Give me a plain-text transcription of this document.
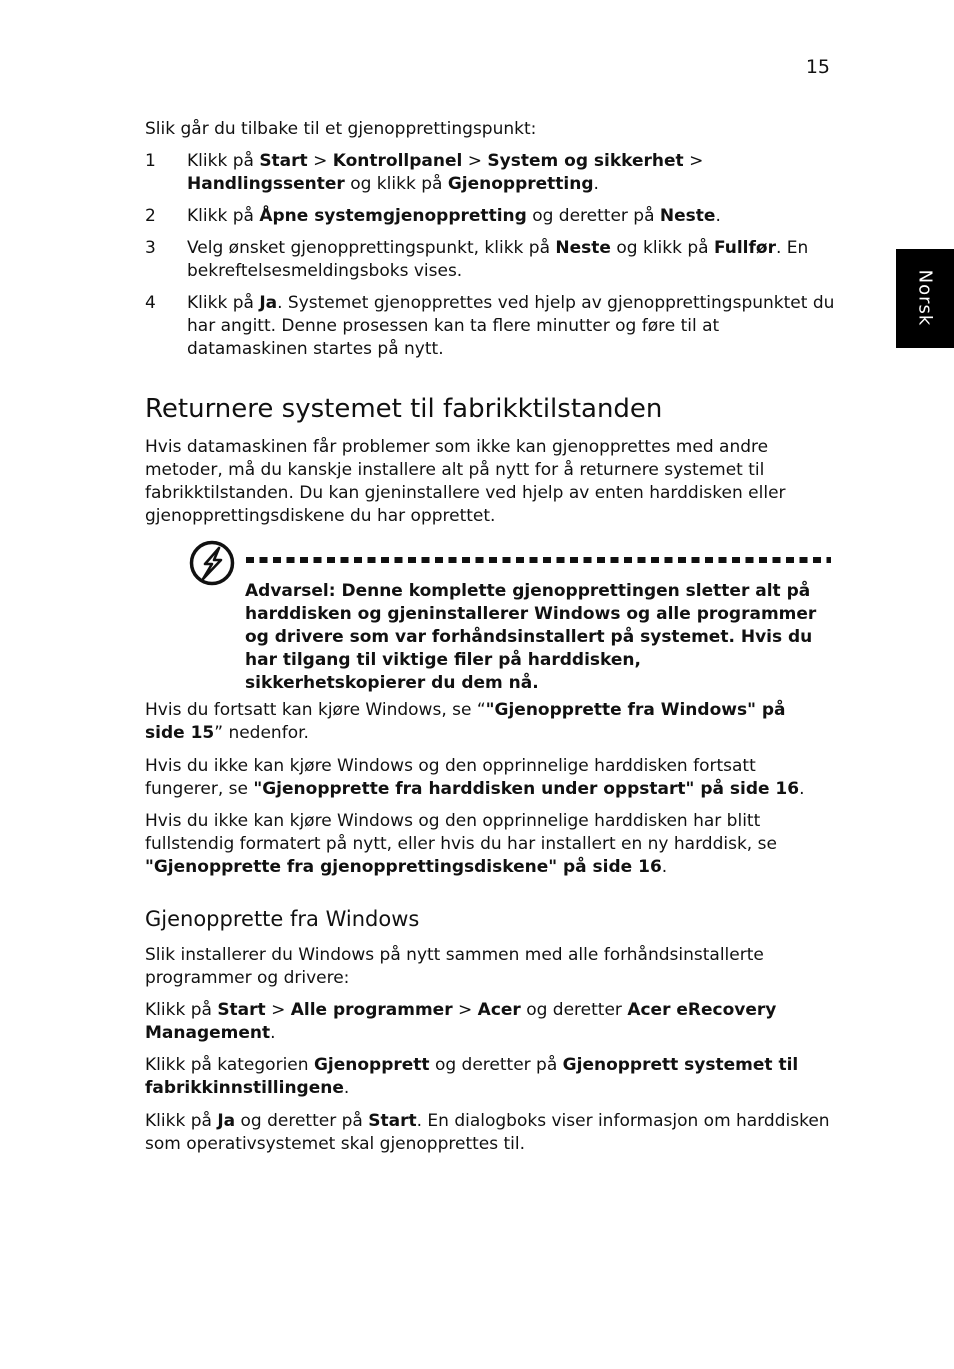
15
Norsk

Slik går du tilbake til et gjenopprettingspunkt:

1 Klikk på Start > Kontrollpanel > System og sikkerhet > Handlingssenter og klikk på Gjenoppretting.
2 Klikk på Åpne systemgjenoppretting og deretter på Neste.
3 Velg ønsket gjenopprettingspunkt, klikk på Neste og klikk på Fullfør. En bekreftelsesmeldingsboks vises.
4 Klikk på Ja. Systemet gjenopprettes ved hjelp av gjenopprettingspunktet du har angitt. Denne prosessen kan ta flere minutter og føre til at datamaskinen startes på nytt.
Returnere systemet til fabrikktilstanden

Hvis datamaskinen får problemer som ikke kan gjenopprettes med andre metoder, må du kanskje installere alt på nytt for å returnere systemet til fabrikktilstanden. Du kan gjeninstallere ved hjelp av enten harddisken eller gjenopprettingsdiskene du har opprettet.

Advarsel: Denne komplette gjenopprettingen sletter alt på harddisken og gjeninstallerer Windows og alle programmer og drivere som var forhåndsinstallert på systemet. Hvis du har tilgang til viktige filer på harddisken, sikkerhetskopierer du dem nå.

Hvis du fortsatt kan kjøre Windows, se “"Gjenopprette fra Windows" på side 15” nedenfor.

Hvis du ikke kan kjøre Windows og den opprinnelige harddisken fortsatt fungerer, se "Gjenopprette fra harddisken under oppstart" på side 16.

Hvis du ikke kan kjøre Windows og den opprinnelige harddisken har blitt fullstendig formatert på nytt, eller hvis du har installert en ny harddisk, se "Gjenopprette fra gjenopprettingsdiskene" på side 16.

Gjenopprette fra Windows

Slik installerer du Windows på nytt sammen med alle forhåndsinstallerte programmer og drivere:

Klikk på Start > Alle programmer > Acer og deretter Acer eRecovery Management.

Klikk på kategorien Gjenopprett og deretter på Gjenopprett systemet til fabrikkinnstillingene.

Klikk på Ja og deretter på Start. En dialogboks viser informasjon om harddisken som operativsystemet skal gjenopprettes til.
